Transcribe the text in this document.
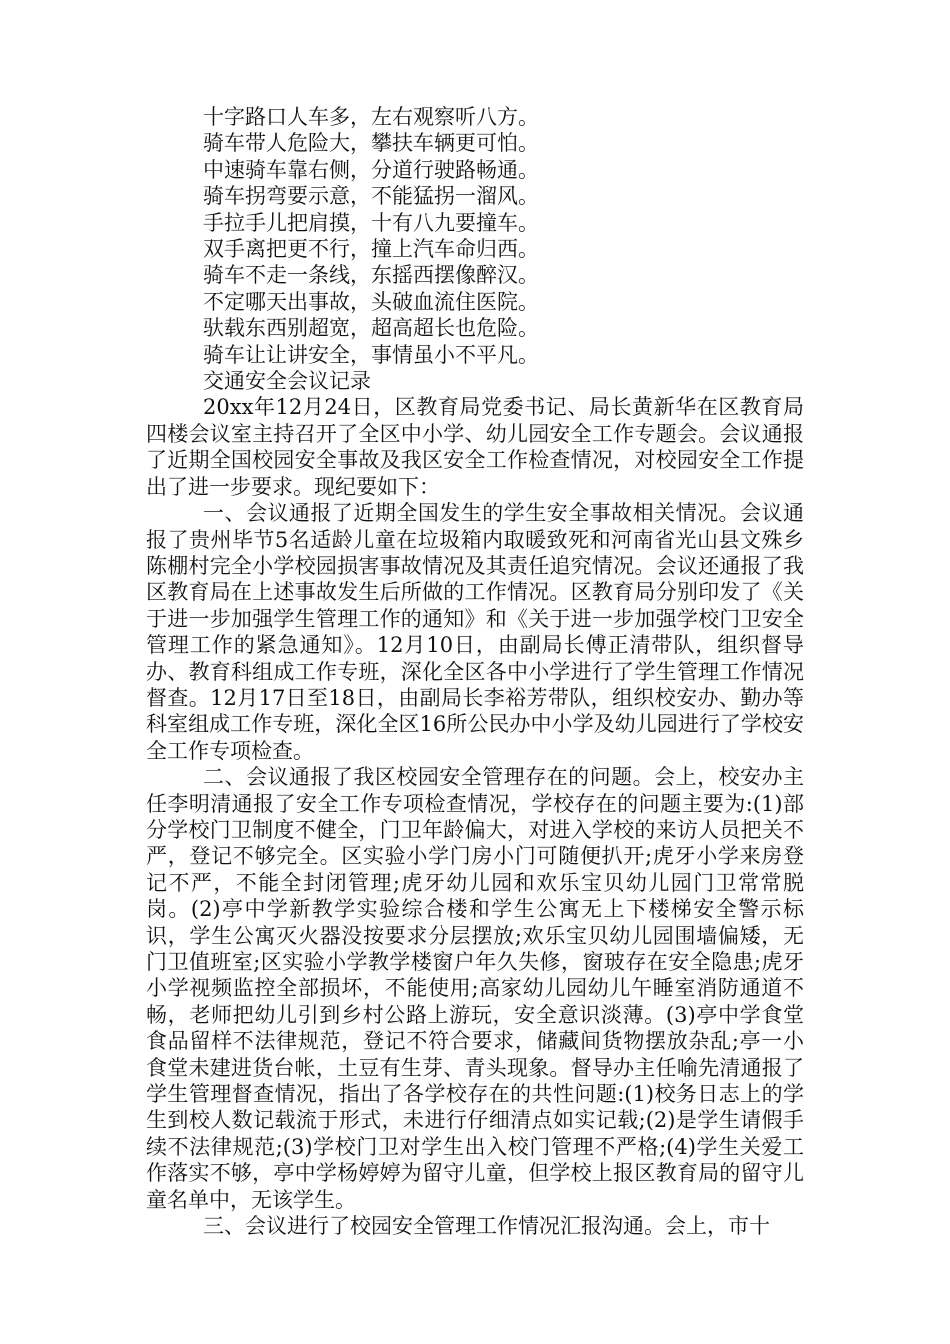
十字路口人车多，左右观察听八方。
骑车带人危险大，攀扶车辆更可怕。
中速骑车靠右侧，分道行驶路畅通。
骑车拐弯要示意，不能猛拐一溜风。
手拉手儿把肩摸，十有八九要撞车。
双手离把更不行，撞上汽车命归西。
骑车不走一条线，东摇西摆像醉汉。
不定哪天出事故，头破血流住医院。
驮载东西别超宽，超高超长也危险。
骑车让让讲安全，事情虽小不平凡。
交通安全会议记录

20xx年12月24日，区教育局党委书记、局长黄新华在区教育局四楼会议室主持召开了全区中小学、幼儿园安全工作专题会。会议通报了近期全国校园安全事故及我区安全工作检查情况，对校园安全工作提出了进一步要求。现纪要如下：

一、会议通报了近期全国发生的学生安全事故相关情况。会议通报了贵州毕节5名适龄儿童在垃圾箱内取暖致死和河南省光山县文殊乡陈棚村完全小学校园损害事故情况及其责任追究情况。会议还通报了我区教育局在上述事故发生后所做的工作情况。区教育局分别印发了《关于进一步加强学生管理工作的通知》和《关于进一步加强学校门卫安全管理工作的紧急通知》。12月10日，由副局长傅正清带队，组织督导办、教育科组成工作专班，深化全区各中小学进行了学生管理工作情况督查。12月17日至18日，由副局长李裕芳带队，组织校安办、勤办等科室组成工作专班，深化全区16所公民办中小学及幼儿园进行了学校安全工作专项检查。

二、会议通报了我区校园安全管理存在的问题。会上，校安办主任李明清通报了安全工作专项检查情况，学校存在的问题主要为:(1)部分学校门卫制度不健全，门卫年龄偏大，对进入学校的来访人员把关不严，登记不够完全。区实验小学门房小门可随便扒开;虎牙小学来房登记不严，不能全封闭管理;虎牙幼儿园和欢乐宝贝幼儿园门卫常常脱岗。(2)亭中学新教学实验综合楼和学生公寓无上下楼梯安全警示标识，学生公寓灭火器没按要求分层摆放;欢乐宝贝幼儿园围墙偏矮，无门卫值班室;区实验小学教学楼窗户年久失修，窗玻存在安全隐患;虎牙小学视频监控全部损坏，不能使用;高家幼儿园幼儿午睡室消防通道不畅，老师把幼儿引到乡村公路上游玩，安全意识淡薄。(3)亭中学食堂食品留样不法律规范，登记不符合要求，储藏间货物摆放杂乱;亭一小食堂未建进货台帐，土豆有生芽、青头现象。督导办主任喻先清通报了学生管理督查情况，指出了各学校存在的共性问题:(1)校务日志上的学生到校人数记载流于形式，未进行仔细清点如实记载;(2)是学生请假手续不法律规范;(3)学校门卫对学生出入校门管理不严格;(4)学生关爱工作落实不够，亭中学杨婷婷为留守儿童，但学校上报区教育局的留守儿童名单中，无该学生。

三、会议进行了校园安全管理工作情况汇报沟通。会上，市十
